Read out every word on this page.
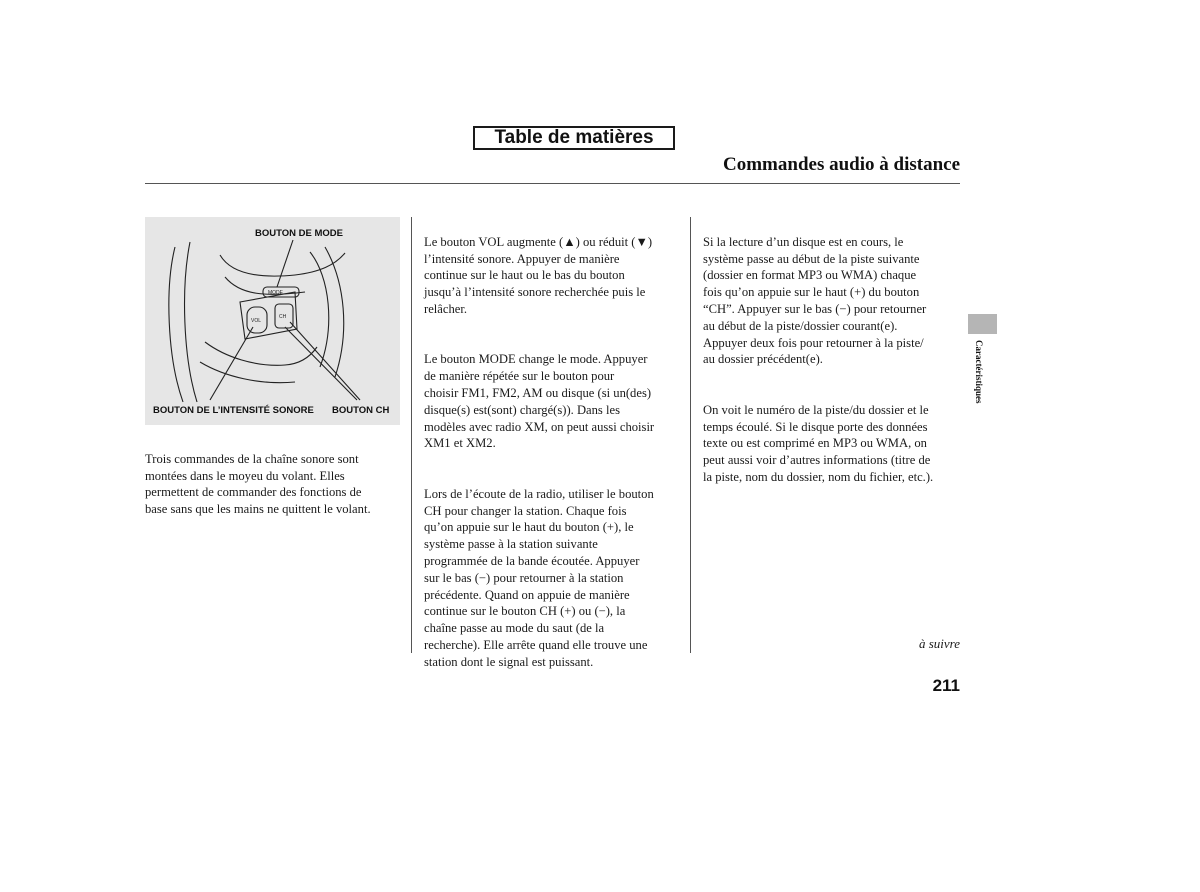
Table de matières
Commandes audio à distance
MODE
VOL
CH
BOUTON DE MODE
BOUTON DE L’INTENSITÉ SONORE BOUTON CH

Trois commandes de la chaîne sonore sont
montées dans le moyeu du volant. Elles
permettent de commander des fonctions de
base sans que les mains ne quittent le volant.

Le bouton VOL augmente (▲) ou réduit (▼)
l’intensité sonore. Appuyer de manière
continue sur le haut ou le bas du bouton
jusqu’à l’intensité sonore recherchée puis le
relâcher.

Le bouton MODE change le mode. Appuyer
de manière répétée sur le bouton pour
choisir FM1, FM2, AM ou disque (si un(des)
disque(s) est(sont) chargé(s)). Dans les
modèles avec radio XM, on peut aussi choisir
XM1 et XM2.

Lors de l’écoute de la radio, utiliser le bouton
CH pour changer la station. Chaque fois
qu’on appuie sur le haut du bouton (+), le
système passe à la station suivante
programmée de la bande écoutée. Appuyer
sur le bas (−) pour retourner à la station
précédente. Quand on appuie de manière
continue sur le bouton CH (+) ou (−), la
chaîne passe au mode du saut (de la
recherche). Elle arrête quand elle trouve une
station dont le signal est puissant.

Si la lecture d’un disque est en cours, le
système passe au début de la piste suivante
(dossier en format MP3 ou WMA) chaque
fois qu’on appuie sur le haut (+) du bouton
“CH”. Appuyer sur le bas (−) pour retourner
au début de la piste/dossier courant(e).
Appuyer deux fois pour retourner à la piste/
au dossier précédent(e).

On voit le numéro de la piste/du dossier et le
temps écoulé. Si le disque porte des données
texte ou est comprimé en MP3 ou WMA, on
peut aussi voir d’autres informations (titre de
la piste, nom du dossier, nom du fichier, etc.).

Caractéristiques
à suivre
211
